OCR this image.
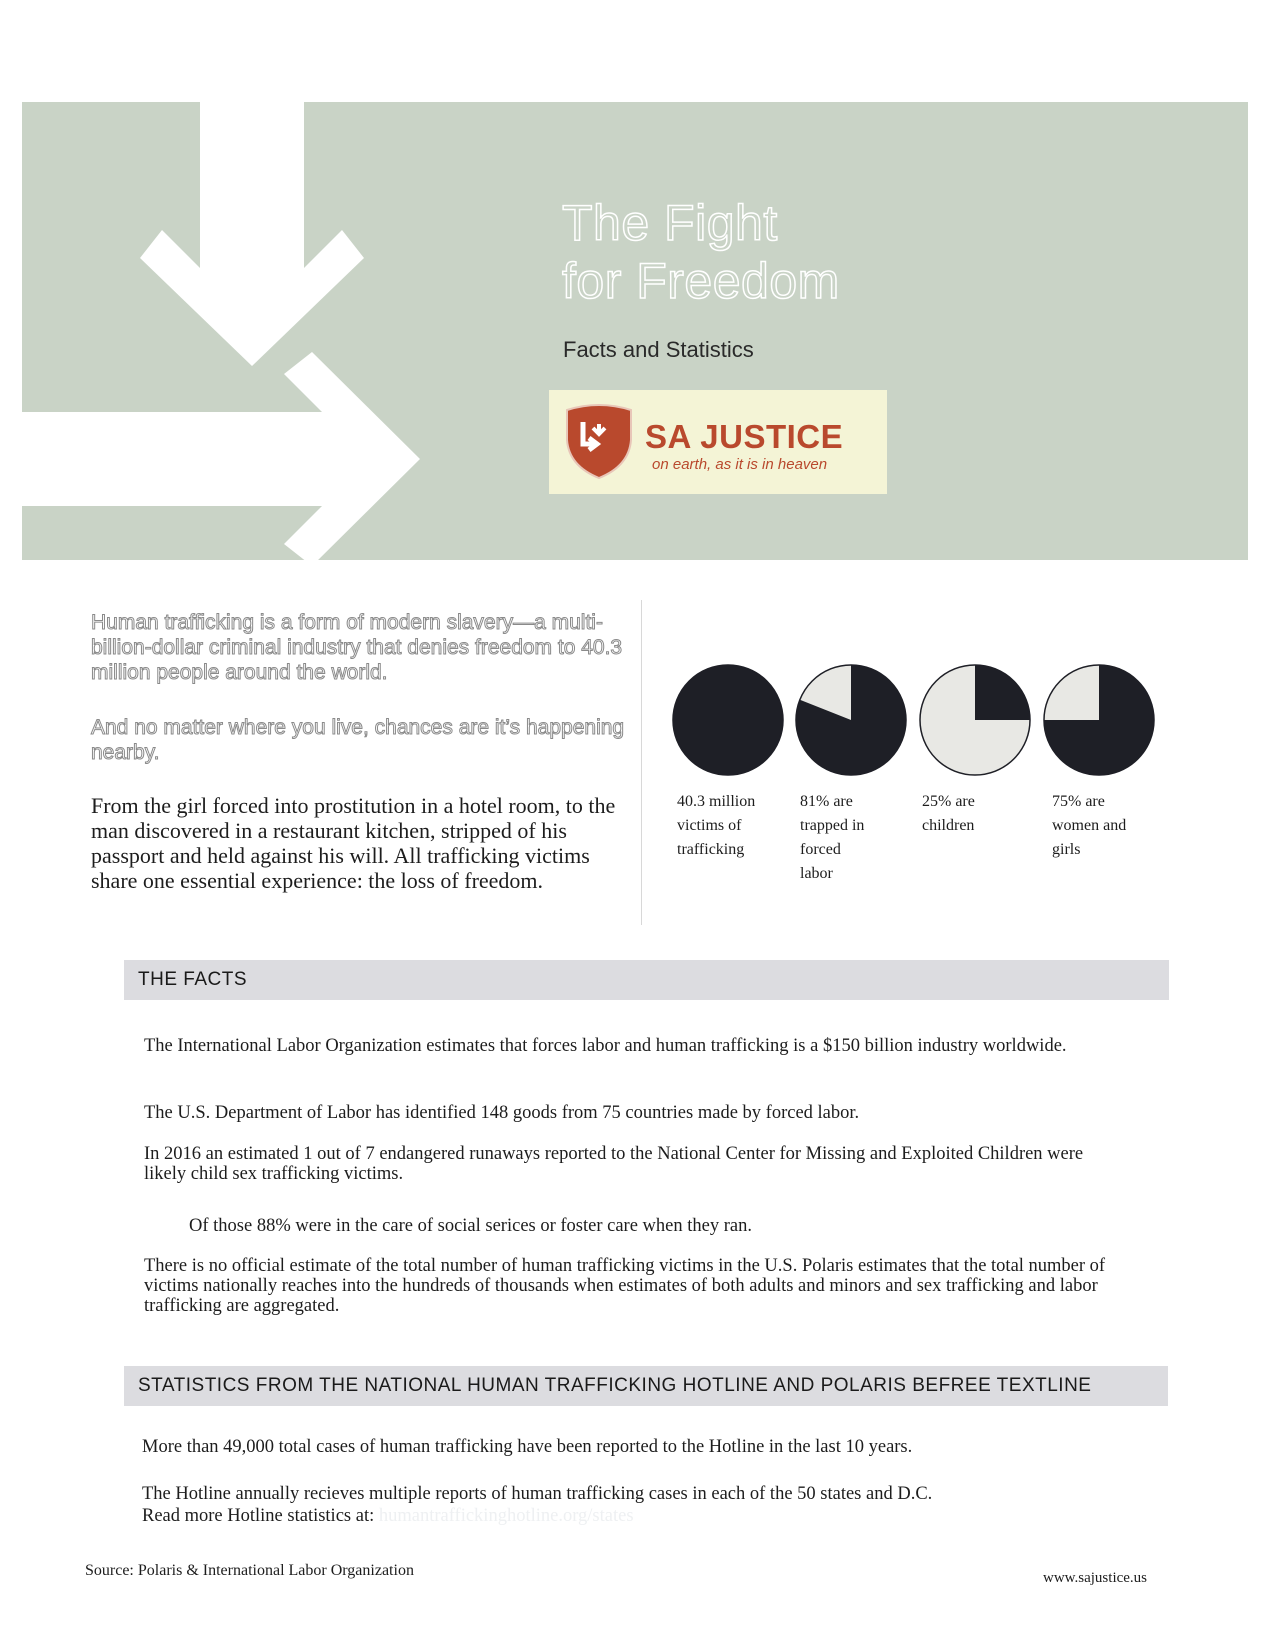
The Fight
for Freedom
Facts and Statistics
SA JUSTICE
on earth, as it is in heaven
Human trafficking is a form of modern slavery—a multi-billion-dollar criminal industry that denies freedom to 40.3 million people around the world.
And no matter where you live, chances are it’s happening nearby.
From the girl forced into prostitution in a hotel room, to the man discovered in a restaurant kitchen, stripped of his passport and held against his will. All trafficking victims share one essential experience: the loss of freedom.
40.3 million victims of trafficking
81% are trapped in forced labor
25% are children
75% are women and girls
THE FACTS
The International Labor Organization estimates that forces labor and human trafficking is a $150 billion industry worldwide.
The U.S. Department of Labor has identified 148 goods from 75 countries made by forced labor.
In 2016 an estimated 1 out of 7 endangered runaways reported to the National Center for Missing and Exploited Children were likely child sex trafficking victims.
Of those 88% were in the care of social serices or foster care when they ran.
There is no official estimate of the total number of human trafficking victims in the U.S. Polaris estimates that the total number of victims nationally reaches into the hundreds of thousands when estimates of both adults and minors and sex trafficking and labor trafficking are aggregated.
STATISTICS FROM THE NATIONAL HUMAN TRAFFICKING HOTLINE AND POLARIS BEFREE TEXTLINE
More than 49,000 total cases of human trafficking have been reported to the Hotline in the last 10 years.
The Hotline annually recieves multiple reports of human trafficking cases in each of the 50 states and D.C.
Read more Hotline statistics at: humantraffickinghotline.org/states
Source: Polaris & International Labor Organization	www.sajustice.us
